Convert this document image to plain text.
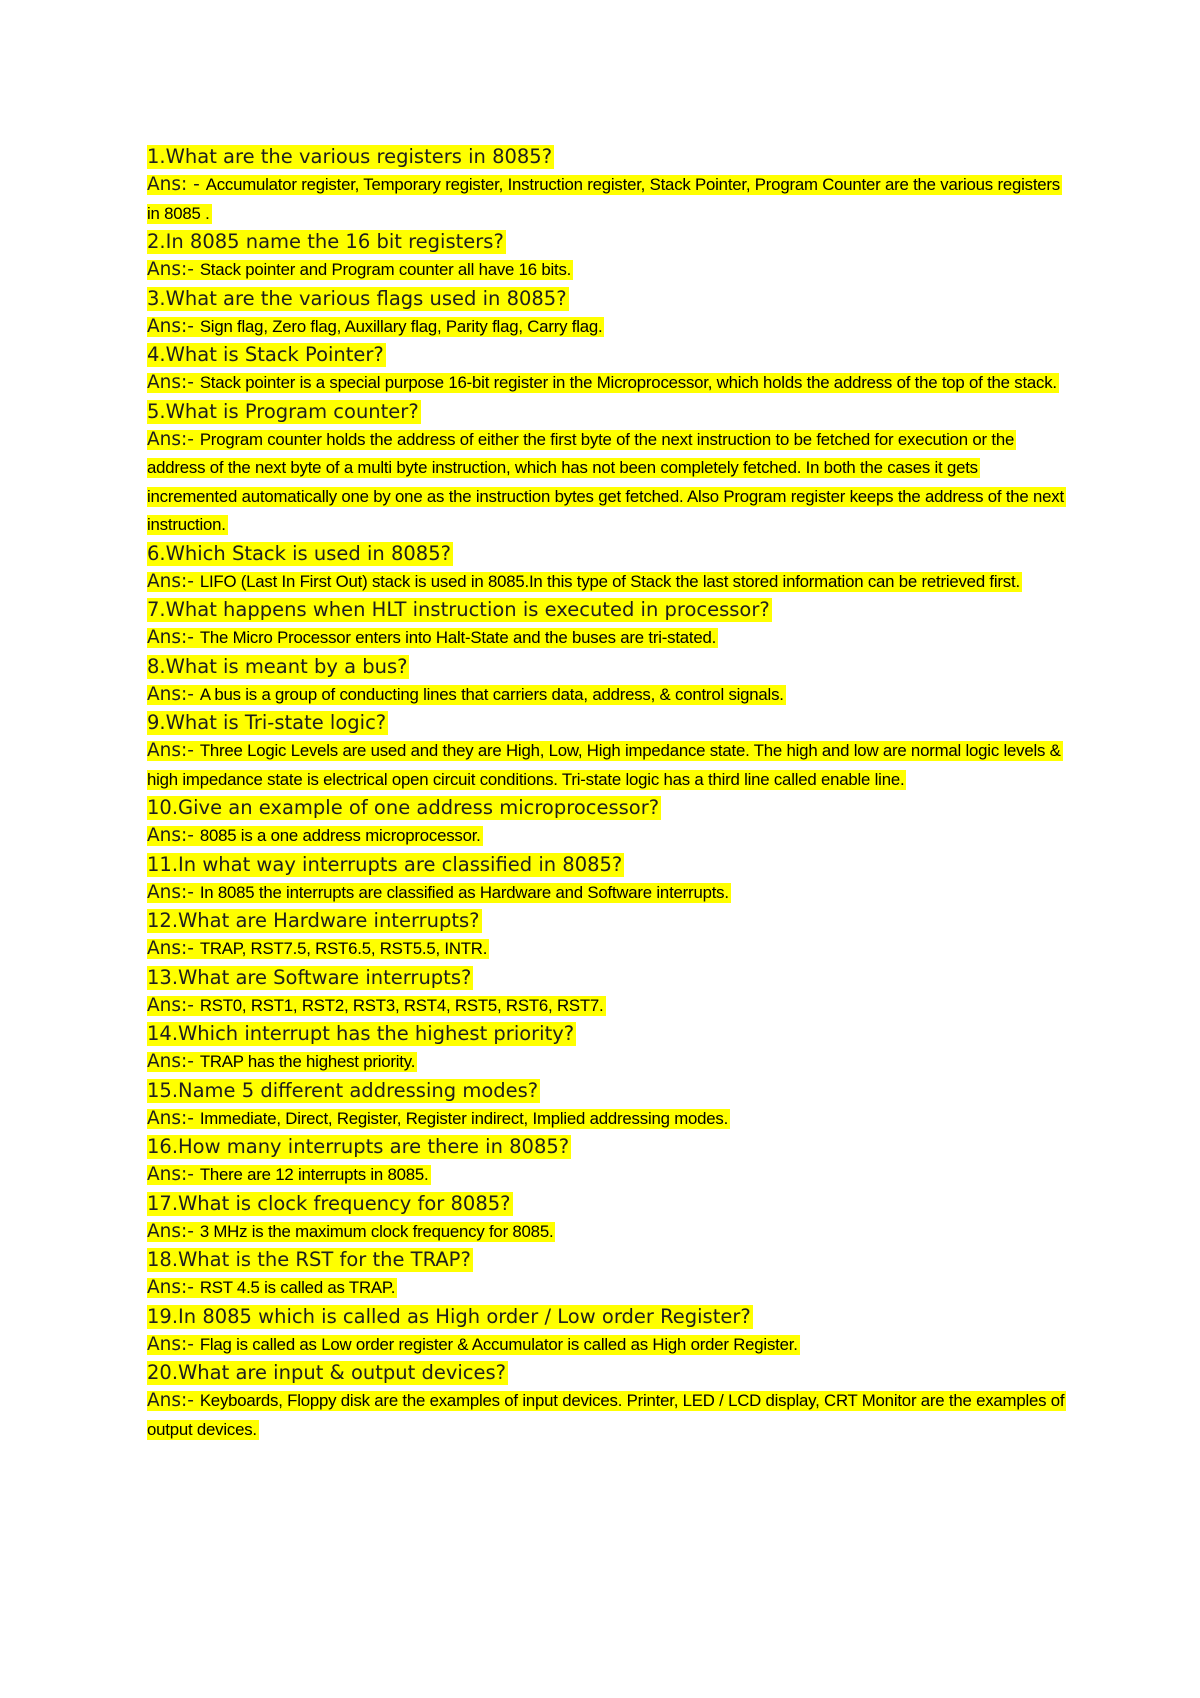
1.What are the various registers in 8085?
Ans: - Accumulator register, Temporary register, Instruction register, Stack Pointer, Program Counter are the various registers in 8085 .
2.In 8085 name the 16 bit registers?
Ans:- Stack pointer and Program counter all have 16 bits.
3.What are the various flags used in 8085?
Ans:- Sign flag, Zero flag, Auxillary flag, Parity flag, Carry flag.
4.What is Stack Pointer?
Ans:- Stack pointer is a special purpose 16-bit register in the Microprocessor, which holds the address of the top of the stack.
5.What is Program counter?
Ans:- Program counter holds the address of either the first byte of the next instruction to be fetched for execution or the address of the next byte of a multi byte instruction, which has not been completely fetched. In both the cases it gets incremented automatically one by one as the instruction bytes get fetched. Also Program register keeps the address of the next instruction.
6.Which Stack is used in 8085?
Ans:- LIFO (Last In First Out) stack is used in 8085.In this type of Stack the last stored information can be retrieved first.
7.What happens when HLT instruction is executed in processor?
Ans:- The Micro Processor enters into Halt-State and the buses are tri-stated.
8.What is meant by a bus?
Ans:- A bus is a group of conducting lines that carriers data, address, & control signals.
9.What is Tri-state logic?
Ans:- Three Logic Levels are used and they are High, Low, High impedance state. The high and low are normal logic levels & high impedance state is electrical open circuit conditions. Tri-state logic has a third line called enable line.
10.Give an example of one address microprocessor?
Ans:- 8085 is a one address microprocessor.
11.In what way interrupts are classified in 8085?
Ans:- In 8085 the interrupts are classified as Hardware and Software interrupts.
12.What are Hardware interrupts?
Ans:- TRAP, RST7.5, RST6.5, RST5.5, INTR.
13.What are Software interrupts?
Ans:- RST0, RST1, RST2, RST3, RST4, RST5, RST6, RST7.
14.Which interrupt has the highest priority?
Ans:- TRAP has the highest priority.
15.Name 5 different addressing modes?
Ans:- Immediate, Direct, Register, Register indirect, Implied addressing modes.
16.How many interrupts are there in 8085?
Ans:- There are 12 interrupts in 8085.
17.What is clock frequency for 8085?
Ans:- 3 MHz is the maximum clock frequency for 8085.
18.What is the RST for the TRAP?
Ans:- RST 4.5 is called as TRAP.
19.In 8085 which is called as High order / Low order Register?
Ans:- Flag is called as Low order register & Accumulator is called as High order Register.
20.What are input & output devices?
Ans:- Keyboards, Floppy disk are the examples of input devices. Printer, LED / LCD display, CRT Monitor are the examples of output devices.
